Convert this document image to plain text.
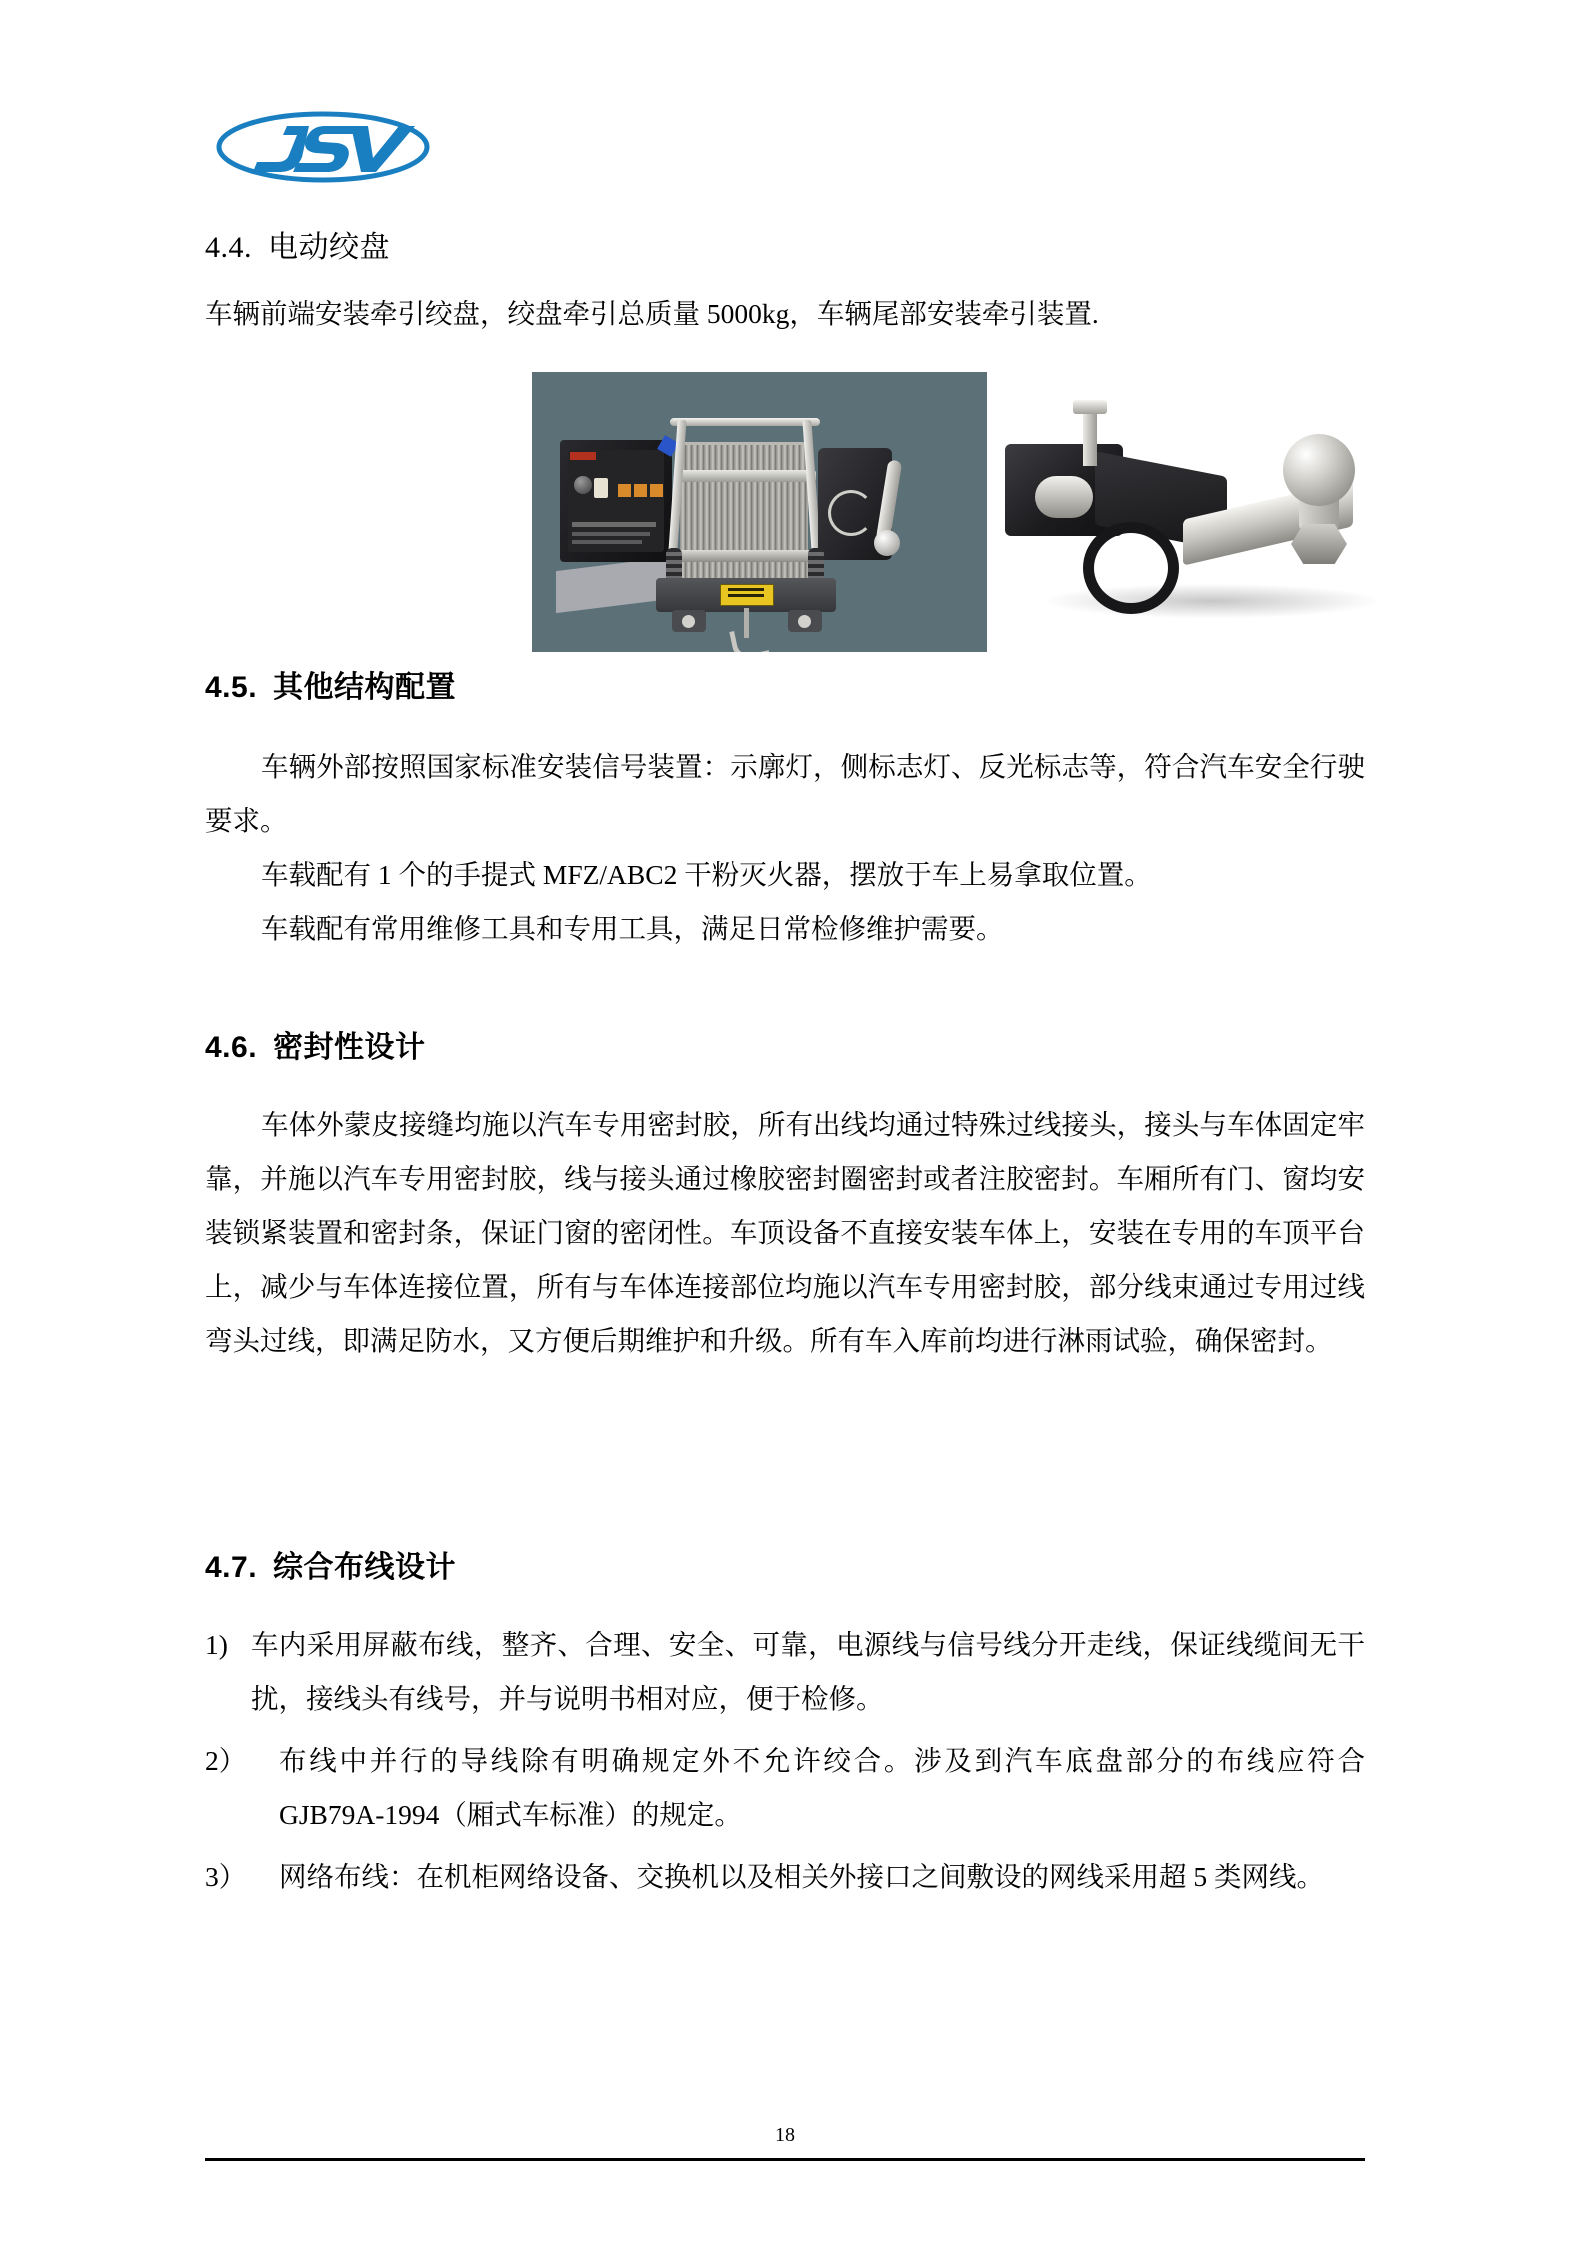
4.4. 电动绞盘
车辆前端安装牵引绞盘，绞盘牵引总质量 5000kg，车辆尾部安装牵引装置.
4.5. 其他结构配置
车辆外部按照国家标准安装信号装置：示廓灯，侧标志灯、反光标志等，符合汽车安全行驶要求。
车载配有 1 个的手提式 MFZ/ABC2 干粉灭火器，摆放于车上易拿取位置。
车载配有常用维修工具和专用工具，满足日常检修维护需要。
4.6. 密封性设计
车体外蒙皮接缝均施以汽车专用密封胶，所有出线均通过特殊过线接头，接头与车体固定牢靠，并施以汽车专用密封胶，线与接头通过橡胶密封圈密封或者注胶密封。车厢所有门、窗均安装锁紧装置和密封条，保证门窗的密闭性。车顶设备不直接安装车体上，安装在专用的车顶平台上，减少与车体连接位置，所有与车体连接部位均施以汽车专用密封胶，部分线束通过专用过线弯头过线，即满足防水，又方便后期维护和升级。所有车入库前均进行淋雨试验，确保密封。
4.7. 综合布线设计
1) 车内采用屏蔽布线，整齐、合理、安全、可靠，电源线与信号线分开走线，保证线缆间无干扰，接线头有线号，并与说明书相对应，便于检修。
2）	布线中并行的导线除有明确规定外不允许绞合。涉及到汽车底盘部分的布线应符合 GJB79A-1994（厢式车标准）的规定。
3）	网络布线：在机柜网络设备、交换机以及相关外接口之间敷设的网线采用超 5 类网线。
18
